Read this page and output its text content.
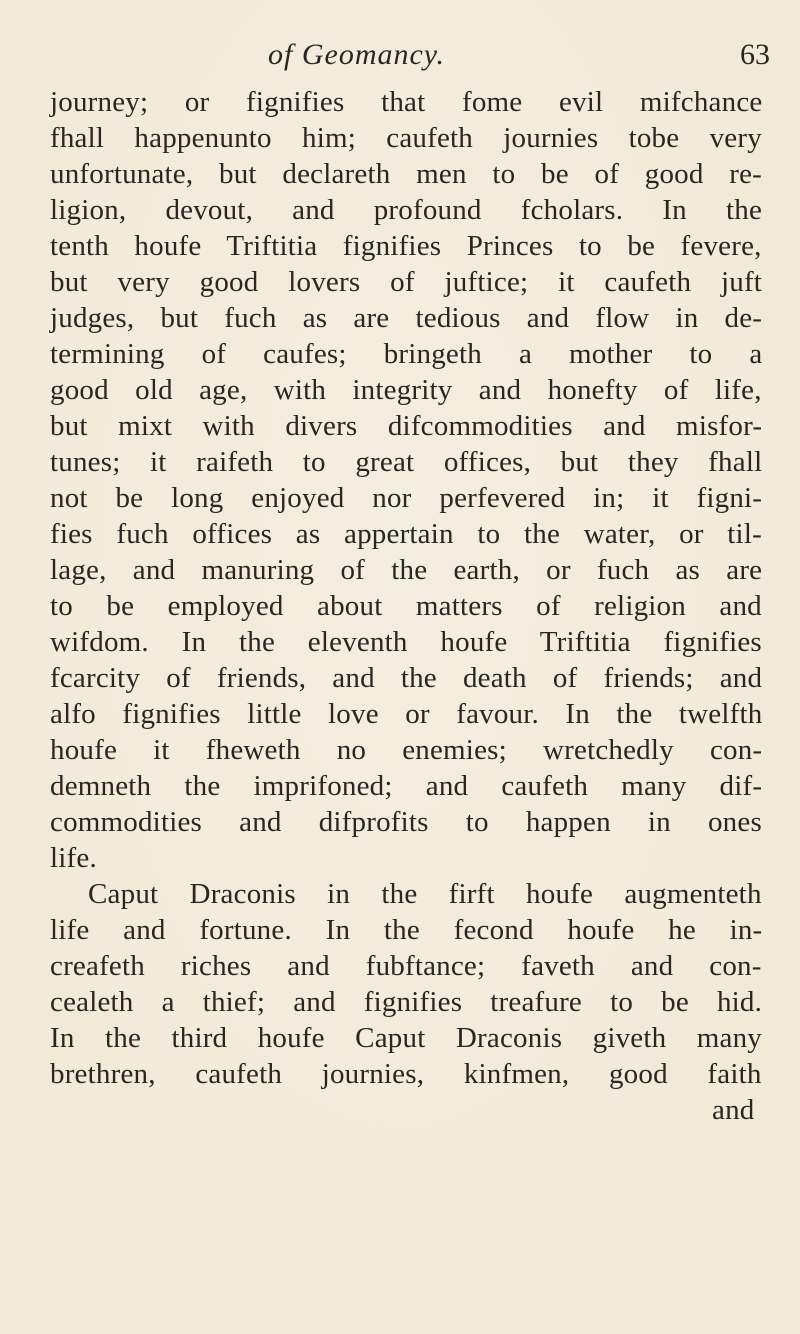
of Geomancy.	63
journey; or fignifies that fome evil mifchance
fhall happenunto him; caufeth journies tobe very
unfortunate, but declareth men to be of good re-
ligion, devout, and profound fcholars. In the
tenth houfe Triftitia fignifies Princes to be fevere,
but very good lovers of juftice; it caufeth juft
judges, but fuch as are tedious and flow in de-
termining of caufes; bringeth a mother to a
good old age, with integrity and honefty of life,
but mixt with divers difcommodities and misfor-
tunes; it raifeth to great offices, but they fhall
not be long enjoyed nor perfevered in; it figni-
fies fuch offices as appertain to the water, or til-
lage, and manuring of the earth, or fuch as are
to be employed about matters of religion and
wifdom. In the eleventh houfe Triftitia fignifies
fcarcity of friends, and the death of friends; and
alfo fignifies little love or favour. In the twelfth
houfe it fheweth no enemies; wretchedly con-
demneth the imprifoned; and caufeth many dif-
commodities and difprofits to happen in ones
life.
Caput Draconis in the firft houfe augmenteth
life and fortune. In the fecond houfe he in-
creafeth riches and fubftance; faveth and con-
cealeth a thief; and fignifies treafure to be hid.
In the third houfe Caput Draconis giveth many
brethren, caufeth journies, kinfmen, good faith
and
